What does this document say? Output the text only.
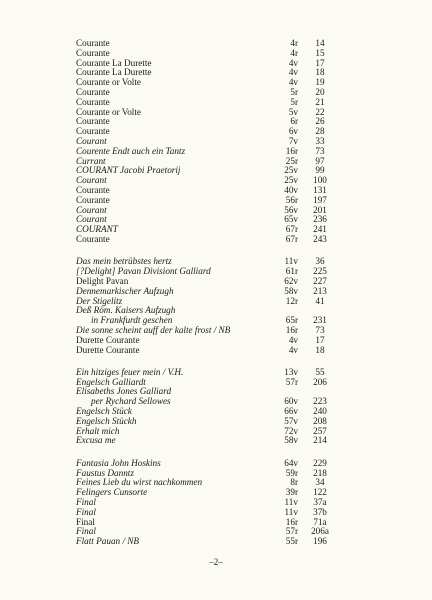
Courante	4r	14
Courante	4r	15
Courante La Durette	4v	17
Courante La Durette	4v	18
Courante or Volte	4v	19
Courante	5r	20
Courante	5r	21
Courante or Volte	5v	22
Courante	6r	26
Courante	6v	28
Courant	7v	33
Courente Endt auch ein Tantz	16r	73
Currant	25r	97
COURANT Jacobi Praetorij	25v	99
Courant	25v	100
Courante	40v	131
Courante	56r	197
Courant	56v	201
Courant	65v	236
COURANT	67r	241
Courante	67r	243
Das mein betrübstes hertz	11v	36
[?Delight] Pavan Divisiont Galliard	61r	225
Delight Pavan	62v	227
Dennemarkischer Aufzugh	58v	213
Der Stigelitz	12r	41
Deß Röm. Kaisers Aufzugh
in Frankfurdt geschen	65r	231
Die sonne scheint auff der kalte frost / NB	16r	73
Durette Courante	4v	17
Durette Courante	4v	18
Ein hitziges feuer mein / V.H.	13v	55
Engelsch Galliardt	57r	206
Elisabeths Jones Galliard
per Rychard Sellowes	60v	223
Engelsch Stück	66v	240
Engelsch Stückh	57v	208
Erhalt mich	72v	257
Excusa me	58v	214
Fantasia John Hoskins	64v	229
Faustus Danntz	59r	218
Feines Lieb du wirst nachkommen	8r	34
Felingers Cunsorte	39r	122
Final	11v	37a
Final	11v	37b
Final	16r	71a
Final	57r	206a
Flatt Pauan / NB	55r	196
–2–
